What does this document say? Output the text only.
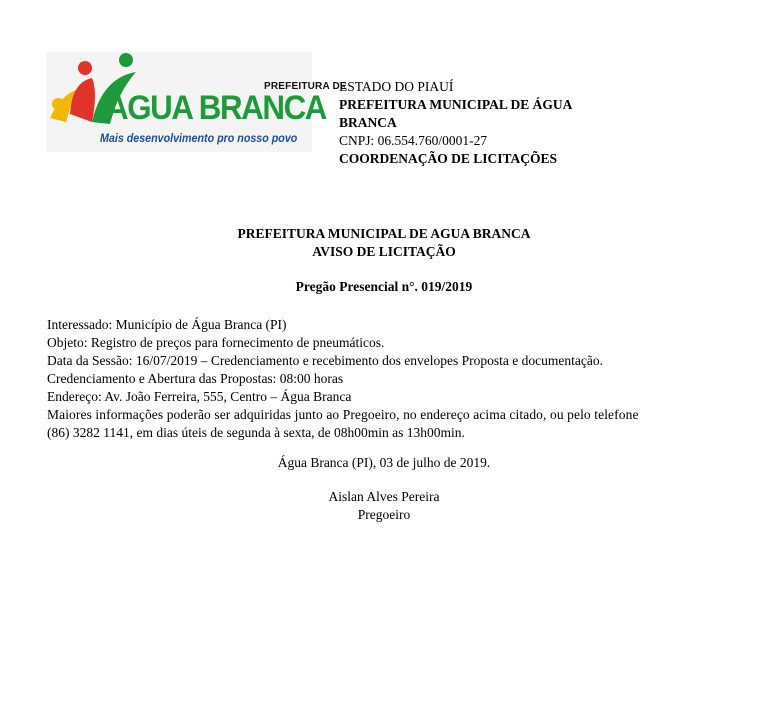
PREFEITURA DE
ÁGUA BRANCA
Mais desenvolvimento pro nosso povo
ESTADO DO PIAUÍ
PREFEITURA MUNICIPAL DE ÁGUA
BRANCA
CNPJ: 06.554.760/0001-27
COORDENAÇÃO DE LICITAÇÕES
PREFEITURA MUNICIPAL DE AGUA BRANCA
AVISO DE LICITAÇÃO
Pregão Presencial n°. 019/2019
Interessado: Município de Água Branca (PI)
Objeto: Registro de preços para fornecimento de pneumáticos.
Data da Sessão: 16/07/2019 – Credenciamento e recebimento dos envelopes Proposta e documentação.
Credenciamento e Abertura das Propostas: 08:00 horas
Endereço: Av. João Ferreira, 555, Centro – Água Branca
Maiores informações poderão ser adquiridas junto ao Pregoeiro, no endereço acima citado, ou pelo telefone
(86) 3282 1141, em dias úteis de segunda à sexta, de 08h00min as 13h00min.
Água Branca (PI), 03 de julho de 2019.
Aislan Alves Pereira
Pregoeiro
